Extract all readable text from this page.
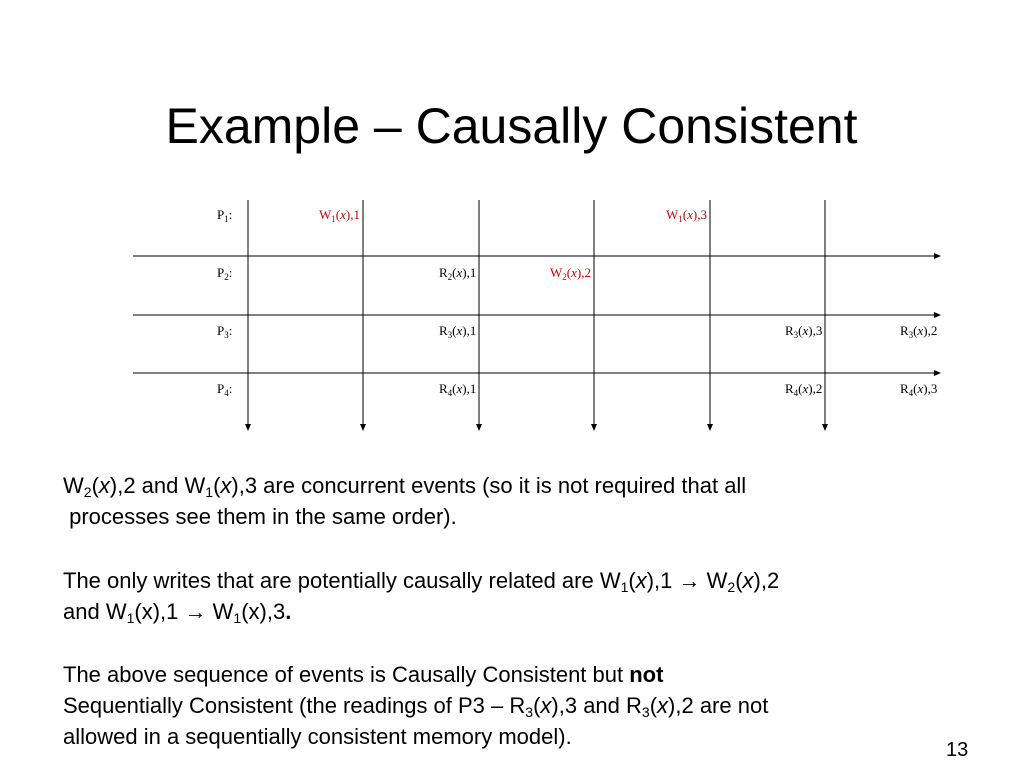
Example – Causally Consistent
$P_1$:
$P_2$:
$P_3$:
$P_4$:
$W_1(x),1$	$W_1(x),3$
$R_2(x),1$	$W_2(x),2$
$R_3(x),1$	$R_3(x),3$	$R_3(x),2$
$R_4(x),1$	$R_4(x),2$	$R_4(x),3$
$W_2(x),2$ and $W_1(x),3$ are concurrent events (so it is not required that all
processes see them in the same order).
The only writes that are potentially causally related are $W_1(x),1 \to W_2(x),2$
and $W_1(x),1 \to W_1(x),3$.
The above sequence of events is Causally Consistent but not
Sequentially Consistent (the readings of $P3 - R_3(x),3$ and $R_3(x),2$ are not
allowed in a sequentially consistent memory model).
13
